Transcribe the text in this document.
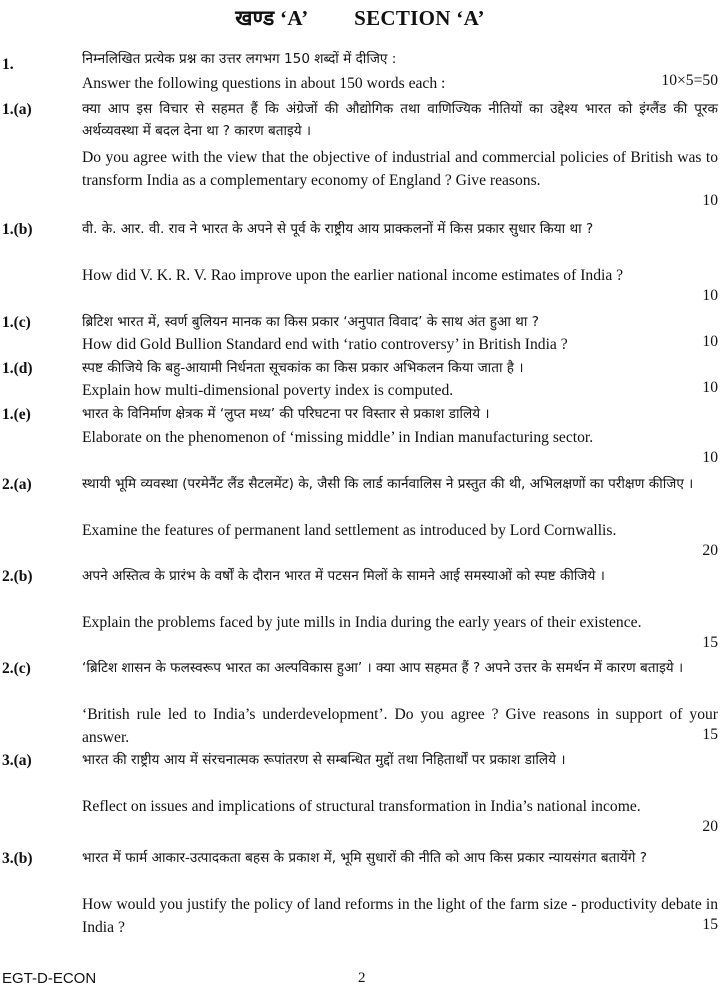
खण्ड ‘A’ SECTION ‘A’
1.	निम्नलिखित प्रत्येक प्रश्न का उत्तर लगभग 150 शब्दों में दीजिए :
Answer the following questions in about 150 words each :	10×5=50
1.(a)	क्या आप इस विचार से सहमत हैं कि अंग्रेजों की औद्योगिक तथा वाणिज्यिक नीतियों का उद्देश्य भारत को इंग्लैंड की पूरक अर्थव्यवस्था में बदल देना था ? कारण बताइये ।
Do you agree with the view that the objective of industrial and commercial policies of British was to transform India as a complementary economy of England ? Give reasons.
10
1.(b)	वी. के. आर. वी. राव ने भारत के अपने से पूर्व के राष्ट्रीय आय प्राक्कलनों में किस प्रकार सुधार किया था ?
How did V. K. R. V. Rao improve upon the earlier national income estimates of India ?
10
1.(c)	ब्रिटिश भारत में, स्वर्ण बुलियन मानक का किस प्रकार ‘अनुपात विवाद’ के साथ अंत हुआ था ?
How did Gold Bullion Standard end with ‘ratio controversy’ in British India ?	10
1.(d)	स्पष्ट कीजिये कि बहु-आयामी निर्धनता सूचकांक का किस प्रकार अभिकलन किया जाता है ।
Explain how multi-dimensional poverty index is computed.	10
1.(e)	भारत के विनिर्माण क्षेत्रक में ‘लुप्त मध्य’ की परिघटना पर विस्तार से प्रकाश डालिये ।
Elaborate on the phenomenon of ‘missing middle’ in Indian manufacturing sector.
10
2.(a)	स्थायी भूमि व्यवस्था (परमेनैंट लैंड सैटलमेंट) के, जैसी कि लार्ड कार्नवालिस ने प्रस्तुत की थी, अभिलक्षणों का परीक्षण कीजिए ।
Examine the features of permanent land settlement as introduced by Lord Cornwallis.
20
2.(b)	अपने अस्तित्व के प्रारंभ के वर्षों के दौरान भारत में पटसन मिलों के सामने आई समस्याओं को स्पष्ट कीजिये ।
Explain the problems faced by jute mills in India during the early years of their existence.
15
2.(c)	‘ब्रिटिश शासन के फलस्वरूप भारत का अल्पविकास हुआ’ । क्या आप सहमत हैं ? अपने उत्तर के समर्थन में कारण बताइये ।
‘British rule led to India’s underdevelopment’. Do you agree ? Give reasons in support of your answer.	15
3.(a)	भारत की राष्ट्रीय आय में संरचनात्मक रूपांतरण से सम्बन्धित मुद्दों तथा निहितार्थों पर प्रकाश डालिये ।
Reflect on issues and implications of structural transformation in India’s national income.
20
3.(b)	भारत में फार्म आकार-उत्पादकता बहस के प्रकाश में, भूमि सुधारों की नीति को आप किस प्रकार न्यायसंगत बतायेंगे ?
How would you justify the policy of land reforms in the light of the farm size - productivity debate in India ?	15
EGT-D-ECON	2
